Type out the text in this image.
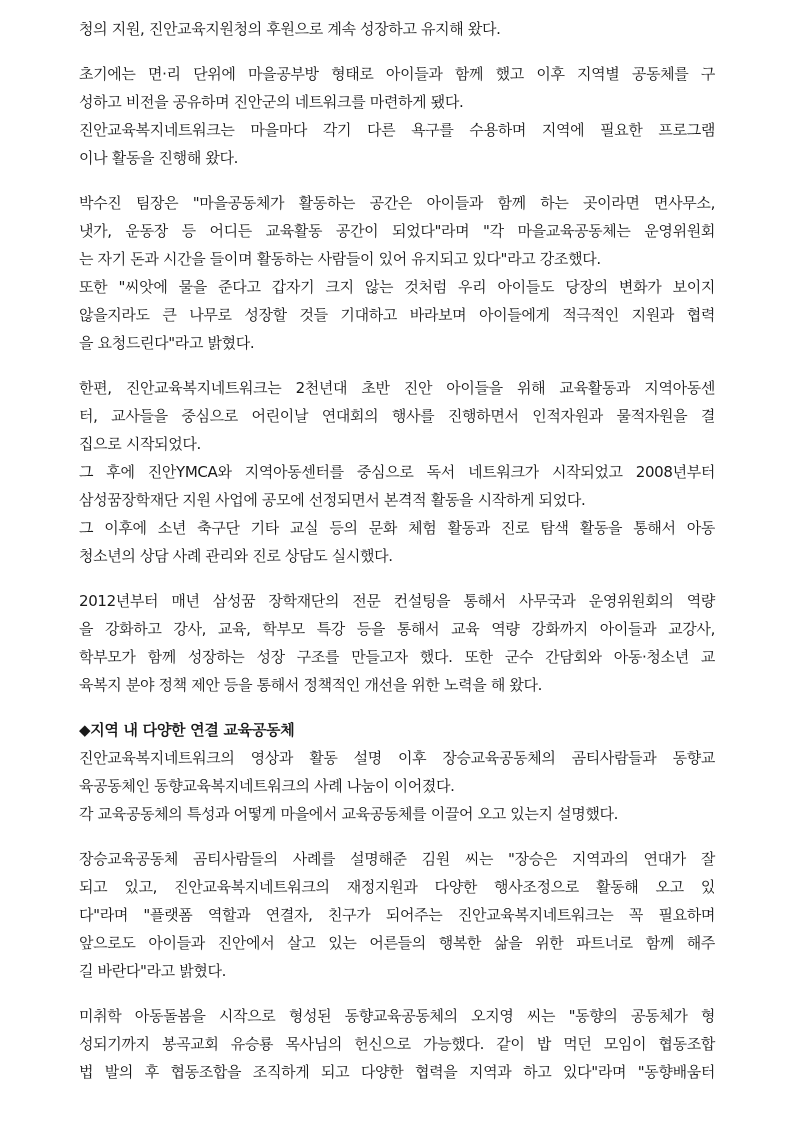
청의 지원, 진안교육지원청의 후원으로 계속 성장하고 유지해 왔다.
초기에는 면·리 단위에 마을공부방 형태로 아이들과 함께 했고 이후 지역별 공동체를 구
성하고 비전을 공유하며 진안군의 네트워크를 마련하게 됐다.
진안교육복지네트워크는 마을마다 각기 다른 욕구를 수용하며 지역에 필요한 프로그램
이나 활동을 진행해 왔다.
박수진 팀장은 "마을공동체가 활동하는 공간은 아이들과 함께 하는 곳이라면 면사무소,
냇가, 운동장 등 어디든 교육활동 공간이 되었다"라며 "각 마을교육공동체는 운영위원회
는 자기 돈과 시간을 들이며 활동하는 사람들이 있어 유지되고 있다"라고 강조했다.
또한 "씨앗에 물을 준다고 갑자기 크지 않는 것처럼 우리 아이들도 당장의 변화가 보이지
않을지라도 큰 나무로 성장할 것들 기대하고 바라보며 아이들에게 적극적인 지원과 협력
을 요청드린다"라고 밝혔다.
한편, 진안교육복지네트워크는 2천년대 초반 진안 아이들을 위해 교육활동과 지역아동센
터, 교사들을 중심으로 어린이날 연대회의 행사를 진행하면서 인적자원과 물적자원을 결
집으로 시작되었다.
그 후에 진안YMCA와 지역아동센터를 중심으로 독서 네트워크가 시작되었고 2008년부터
삼성꿈장학재단 지원 사업에 공모에 선정되면서 본격적 활동을 시작하게 되었다.
그 이후에 소년 축구단 기타 교실 등의 문화 체험 활동과 진로 탐색 활동을 통해서 아동
청소년의 상담 사례 관리와 진로 상담도 실시했다.
2012년부터 매년 삼성꿈 장학재단의 전문 컨설팅을 통해서 사무국과 운영위원회의 역량
을 강화하고 강사, 교육, 학부모 특강 등을 통해서 교육 역량 강화까지 아이들과 교강사,
학부모가 함께 성장하는 성장 구조를 만들고자 했다. 또한 군수 간담회와 아동·청소년 교
육복지 분야 정책 제안 등을 통해서 정책적인 개선을 위한 노력을 해 왔다.
◆지역 내 다양한 연결 교육공동체
진안교육복지네트워크의 영상과 활동 설명 이후 장승교육공동체의 곰티사람들과 동향교
육공동체인 동향교육복지네트워크의 사례 나눔이 이어졌다.
각 교육공동체의 특성과 어떻게 마을에서 교육공동체를 이끌어 오고 있는지 설명했다.
장승교육공동체 곰티사람들의 사례를 설명해준 김원 씨는 "장승은 지역과의 연대가 잘
되고 있고, 진안교육복지네트워크의 재정지원과 다양한 행사조정으로 활동해 오고 있
다"라며 "플랫폼 역할과 연결자, 친구가 되어주는 진안교육복지네트워크는 꼭 필요하며
앞으로도 아이들과 진안에서 살고 있는 어른들의 행복한 삶을 위한 파트너로 함께 해주
길 바란다"라고 밝혔다.
미취학 아동돌봄을 시작으로 형성된 동향교육공동체의 오지영 씨는 "동향의 공동체가 형
성되기까지 봉곡교회 유승룡 목사님의 헌신으로 가능했다. 같이 밥 먹던 모임이 협동조합
법 발의 후 협동조합을 조직하게 되고 다양한 협력을 지역과 하고 있다"라며 "동향배움터
